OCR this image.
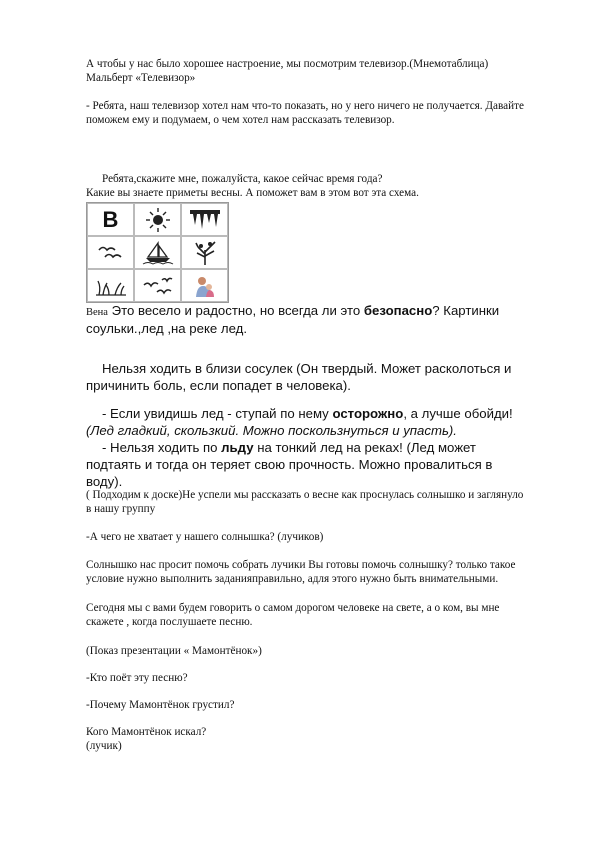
А чтобы у нас было хорошее настроение, мы посмотрим телевизор.(Мнемотаблица)
Мальберт «Телевизор»

- Ребята, наш телевизор хотел нам что-то показать, но у него ничего не получается. Давайте поможем ему и подумаем, о чем хотел нам рассказать телевизор.

Ребята,скажите мне, пожалуйста, какое сейчас время года?
Какие вы знаете приметы весны. А поможет вам в этом вот эта схема.
В

Вена Это весело и радостно, но всегда ли это безопасно? Картинки соульки.,лед ,на реке лед.

Нельзя ходить в близи сосулек (Он твердый. Может расколоться и причинить боль, если попадет в человека).

- Если увидишь лед - ступай по нему осторожно, а лучше обойди! (Лед гладкий, скользкий. Можно поскользнуться и упасть).

- Нельзя ходить по льду на тонкий лед на реках! (Лед может подтаять и тогда он теряет свою прочность. Можно провалиться в воду).

( Подходим к доске)Не успели мы рассказать о весне как проснулась солнышко и заглянуло в нашу группу

-А чего не хватает у нашего солнышка? (лучиков)

Солнышко нас просит помочь собрать лучики Вы готовы помочь солнышку? только такое условие нужно выполнить заданияправильно, адля этого нужно быть внимательными.

Сегодня мы с вами будем говорить о самом дорогом человеке на свете, а о ком, вы мне скажете , когда послушаете песню.

(Показ презентации « Мамонтёнок»)

-Кто поёт эту песню?

-Почему Мамонтёнок грустил?

Кого Мамонтёнок искал?
(лучик)
